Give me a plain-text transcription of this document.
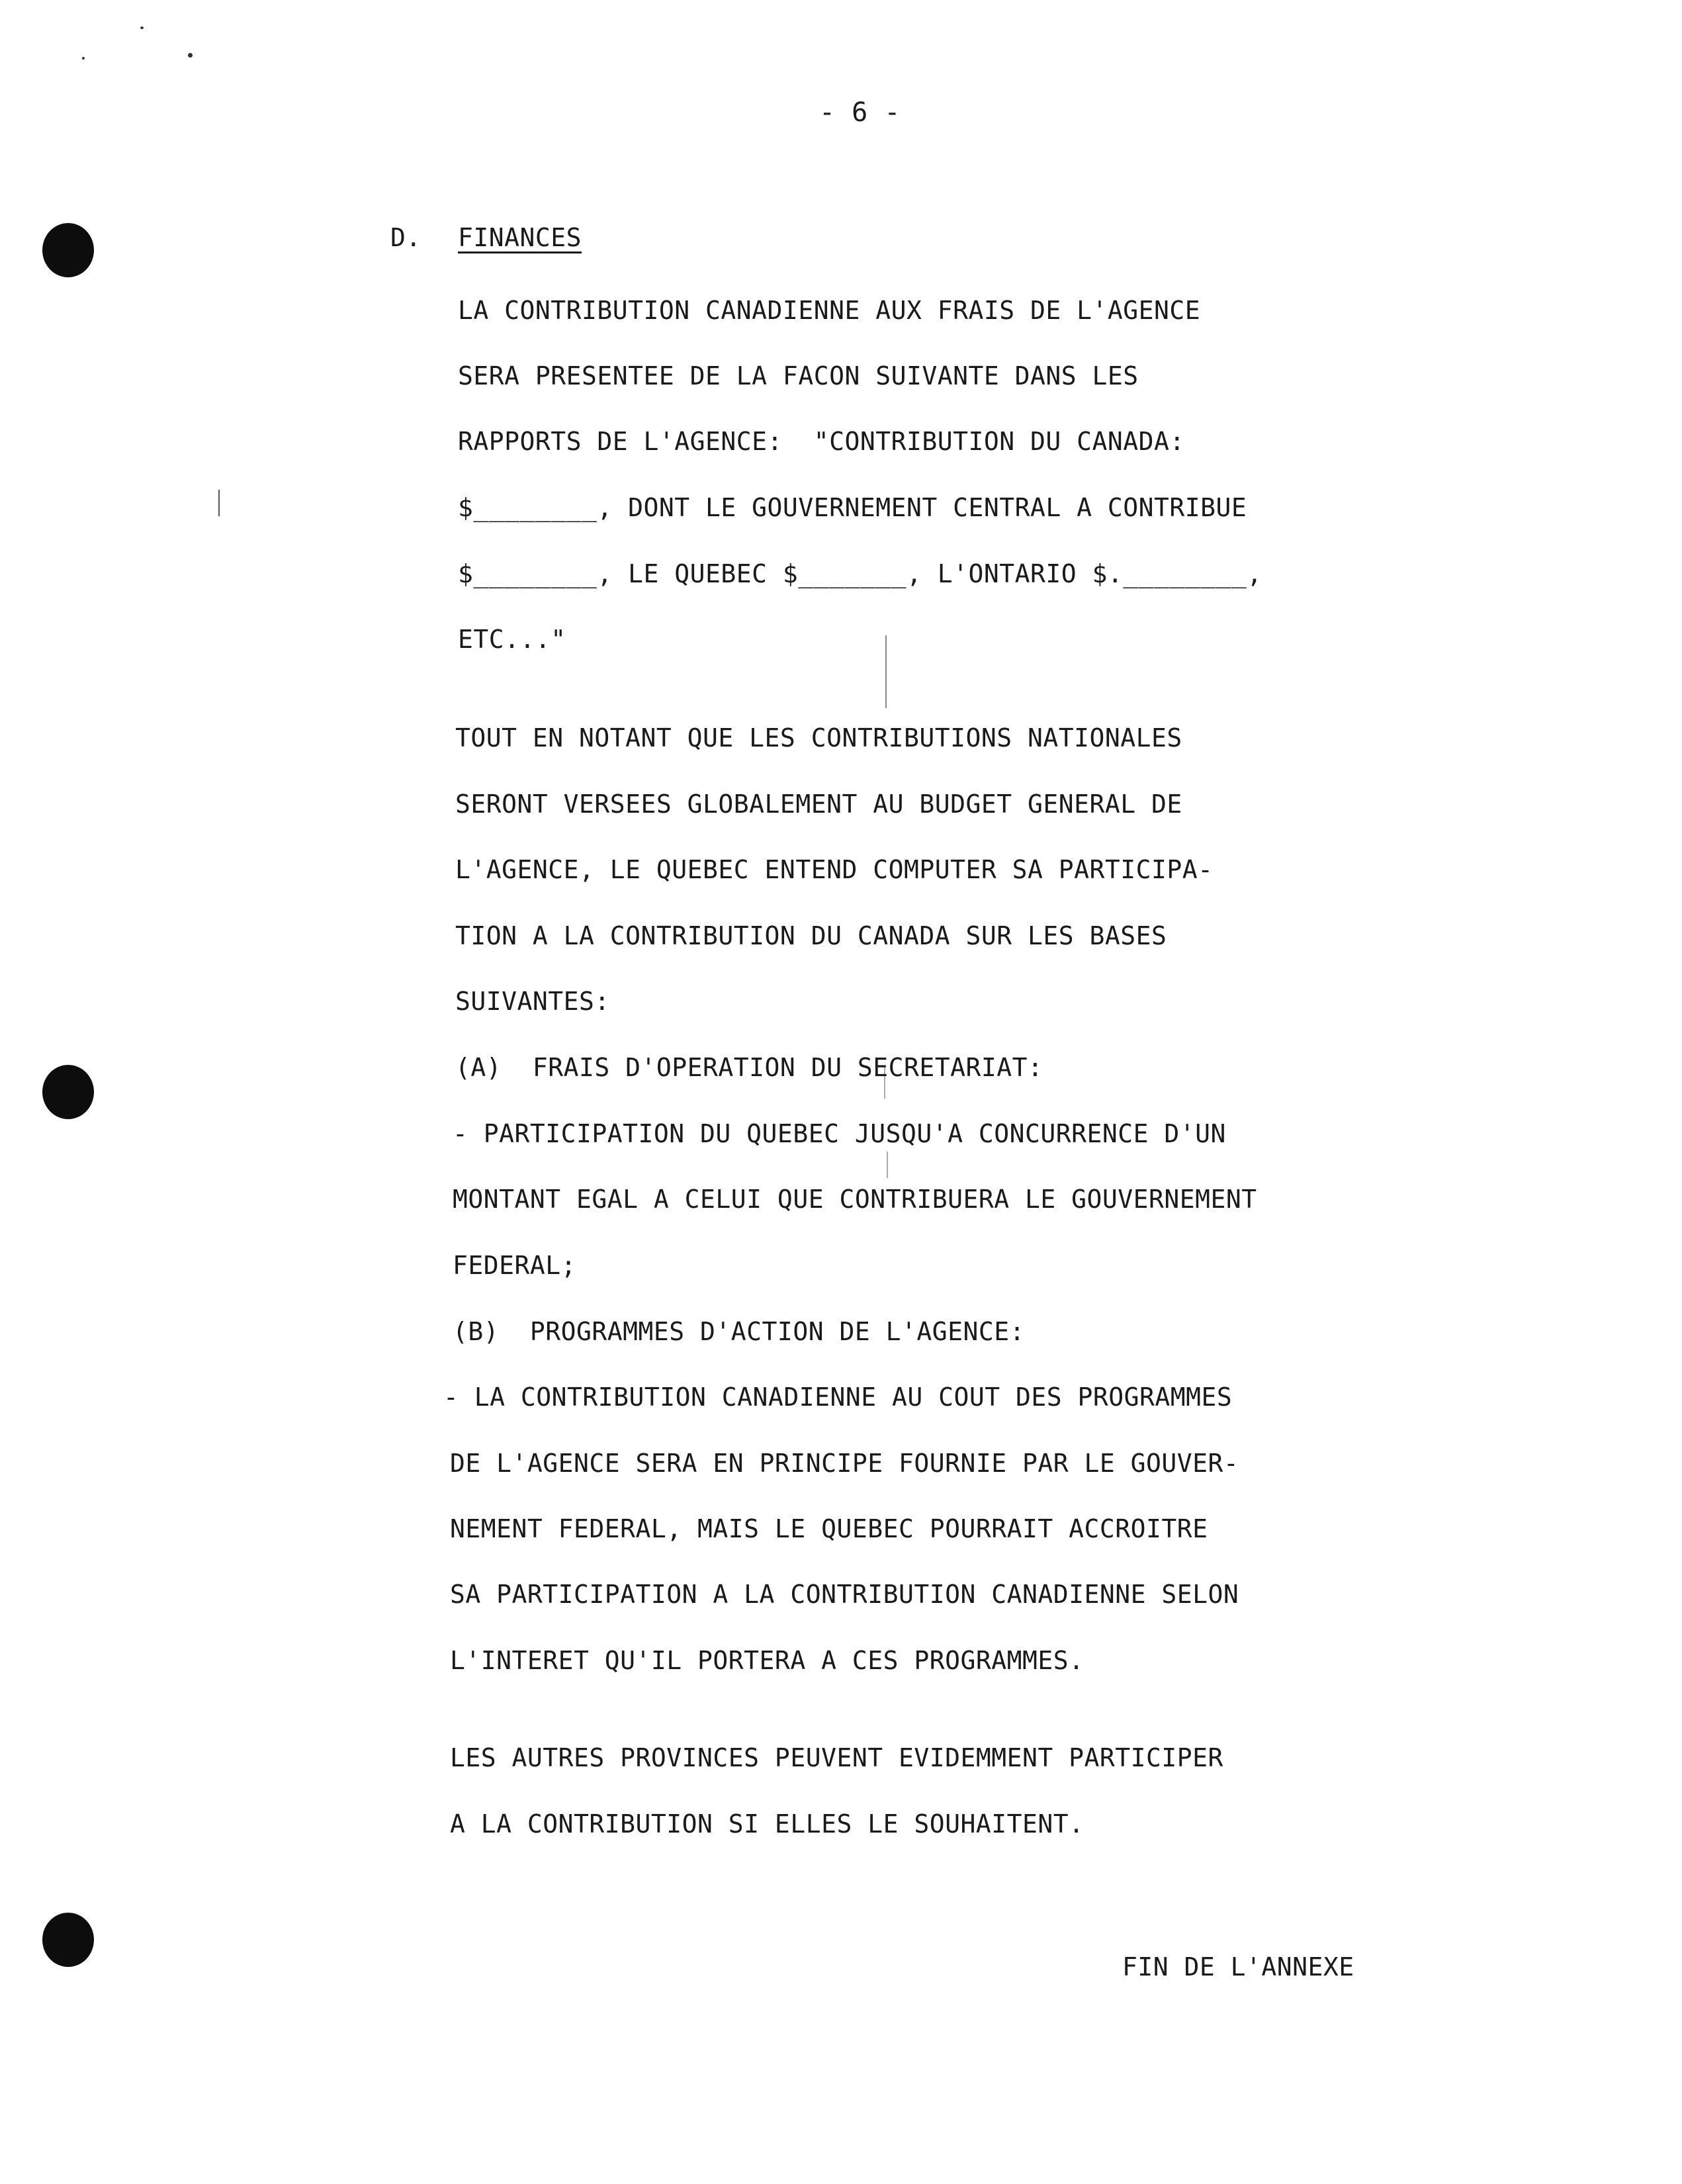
- 6 -
D. FINANCES
LA CONTRIBUTION CANADIENNE AUX FRAIS DE L'AGENCE
SERA PRESENTEE DE LA FACON SUIVANTE DANS LES
RAPPORTS DE L'AGENCE:  "CONTRIBUTION DU CANADA:
$________, DONT LE GOUVERNEMENT CENTRAL A CONTRIBUE
$________, LE QUEBEC $_______, L'ONTARIO $.________,
ETC..."
TOUT EN NOTANT QUE LES CONTRIBUTIONS NATIONALES
SERONT VERSEES GLOBALEMENT AU BUDGET GENERAL DE
L'AGENCE, LE QUEBEC ENTEND COMPUTER SA PARTICIPA-
TION A LA CONTRIBUTION DU CANADA SUR LES BASES
SUIVANTES:
(A)  FRAIS D'OPERATION DU SECRETARIAT:
- PARTICIPATION DU QUEBEC JUSQU'A CONCURRENCE D'UN
MONTANT EGAL A CELUI QUE CONTRIBUERA LE GOUVERNEMENT
FEDERAL;
(B)  PROGRAMMES D'ACTION DE L'AGENCE:
- LA CONTRIBUTION CANADIENNE AU COUT DES PROGRAMMES
DE L'AGENCE SERA EN PRINCIPE FOURNIE PAR LE GOUVER-
NEMENT FEDERAL, MAIS LE QUEBEC POURRAIT ACCROITRE
SA PARTICIPATION A LA CONTRIBUTION CANADIENNE SELON
L'INTERET QU'IL PORTERA A CES PROGRAMMES.
LES AUTRES PROVINCES PEUVENT EVIDEMMENT PARTICIPER
A LA CONTRIBUTION SI ELLES LE SOUHAITENT.
FIN DE L'ANNEXE
